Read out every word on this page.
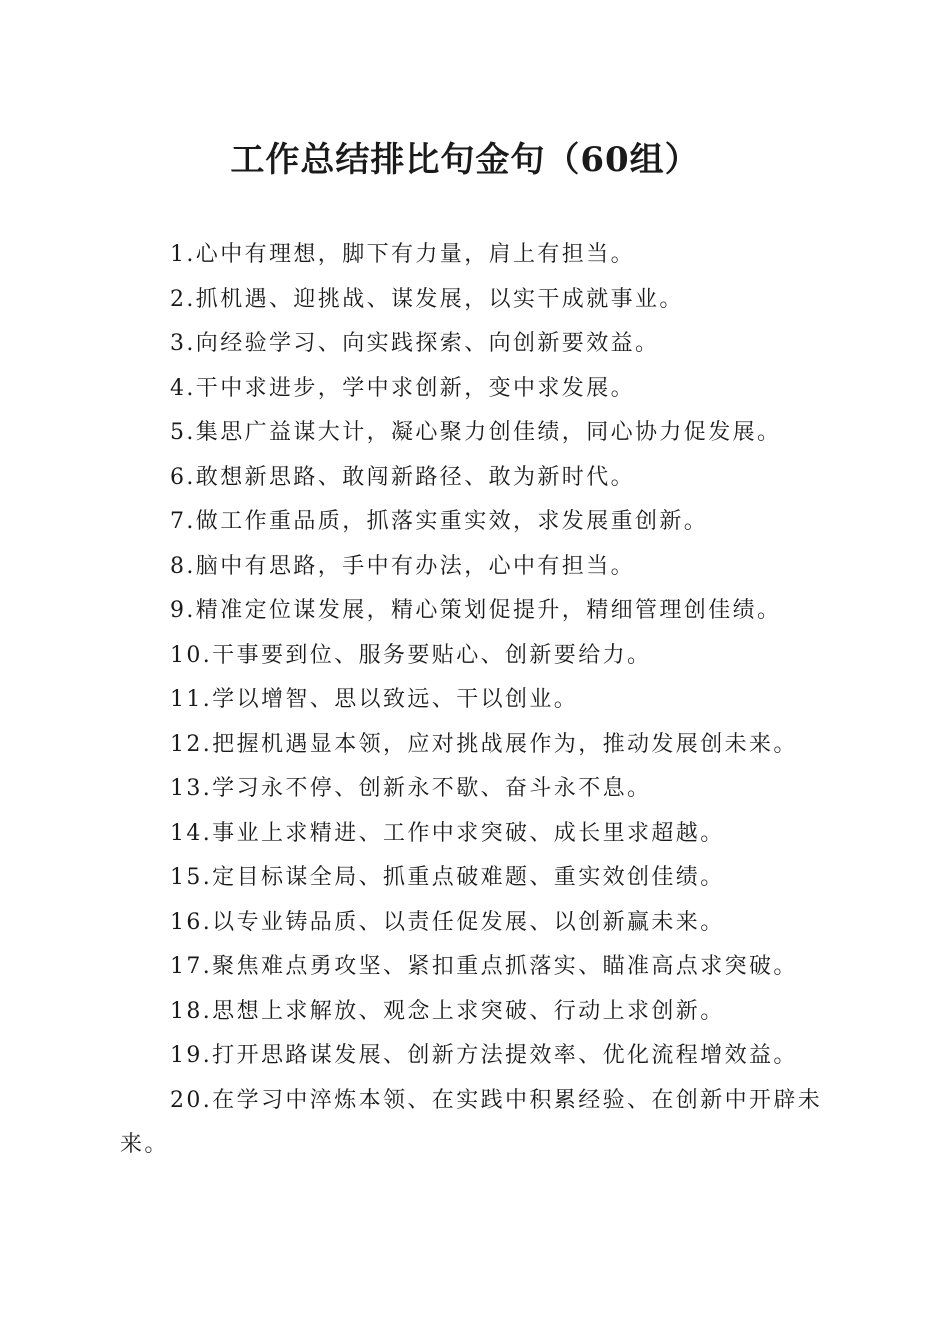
工作总结排比句金句（60组）
1.心中有理想，脚下有力量，肩上有担当。
2.抓机遇、迎挑战、谋发展，以实干成就事业。
3.向经验学习、向实践探索、向创新要效益。
4.干中求进步，学中求创新，变中求发展。
5.集思广益谋大计，凝心聚力创佳绩，同心协力促发展。
6.敢想新思路、敢闯新路径、敢为新时代。
7.做工作重品质，抓落实重实效，求发展重创新。
8.脑中有思路，手中有办法，心中有担当。
9.精准定位谋发展，精心策划促提升，精细管理创佳绩。
10.干事要到位、服务要贴心、创新要给力。
11.学以增智、思以致远、干以创业。
12.把握机遇显本领，应对挑战展作为，推动发展创未来。
13.学习永不停、创新永不歇、奋斗永不息。
14.事业上求精进、工作中求突破、成长里求超越。
15.定目标谋全局、抓重点破难题、重实效创佳绩。
16.以专业铸品质、以责任促发展、以创新赢未来。
17.聚焦难点勇攻坚、紧扣重点抓落实、瞄准高点求突破。
18.思想上求解放、观念上求突破、行动上求创新。
19.打开思路谋发展、创新方法提效率、优化流程增效益。
20.在学习中淬炼本领、在实践中积累经验、在创新中开辟未来。
